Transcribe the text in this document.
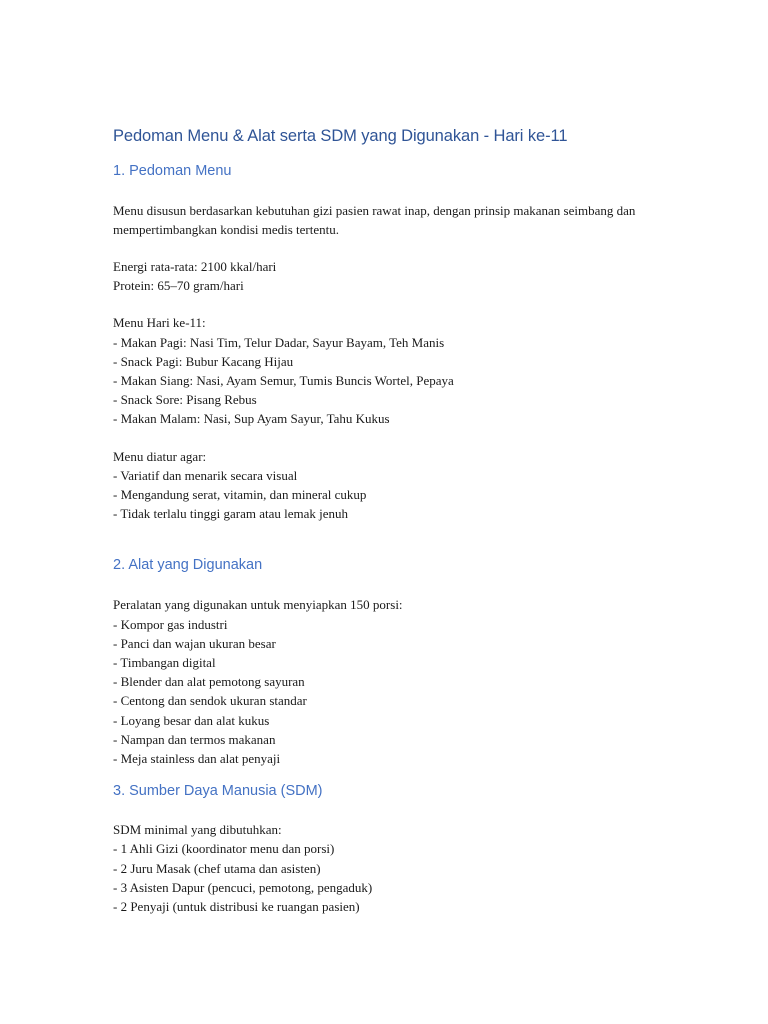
Pedoman Menu & Alat serta SDM yang Digunakan - Hari ke-11
1. Pedoman Menu

Menu disusun berdasarkan kebutuhan gizi pasien rawat inap, dengan prinsip makanan seimbang dan mempertimbangkan kondisi medis tertentu.

Energi rata-rata: 2100 kkal/hari
Protein: 65–70 gram/hari
Menu Hari ke-11:
- Makan Pagi: Nasi Tim, Telur Dadar, Sayur Bayam, Teh Manis
- Snack Pagi: Bubur Kacang Hijau
- Makan Siang: Nasi, Ayam Semur, Tumis Buncis Wortel, Pepaya
- Snack Sore: Pisang Rebus
- Makan Malam: Nasi, Sup Ayam Sayur, Tahu Kukus
Menu diatur agar:
- Variatif dan menarik secara visual
- Mengandung serat, vitamin, dan mineral cukup
- Tidak terlalu tinggi garam atau lemak jenuh
2. Alat yang Digunakan
Peralatan yang digunakan untuk menyiapkan 150 porsi:
- Kompor gas industri
- Panci dan wajan ukuran besar
- Timbangan digital
- Blender dan alat pemotong sayuran
- Centong dan sendok ukuran standar
- Loyang besar dan alat kukus
- Nampan dan termos makanan
- Meja stainless dan alat penyaji
3. Sumber Daya Manusia (SDM)
SDM minimal yang dibutuhkan:
- 1 Ahli Gizi (koordinator menu dan porsi)
- 2 Juru Masak (chef utama dan asisten)
- 3 Asisten Dapur (pencuci, pemotong, pengaduk)
- 2 Penyaji (untuk distribusi ke ruangan pasien)
